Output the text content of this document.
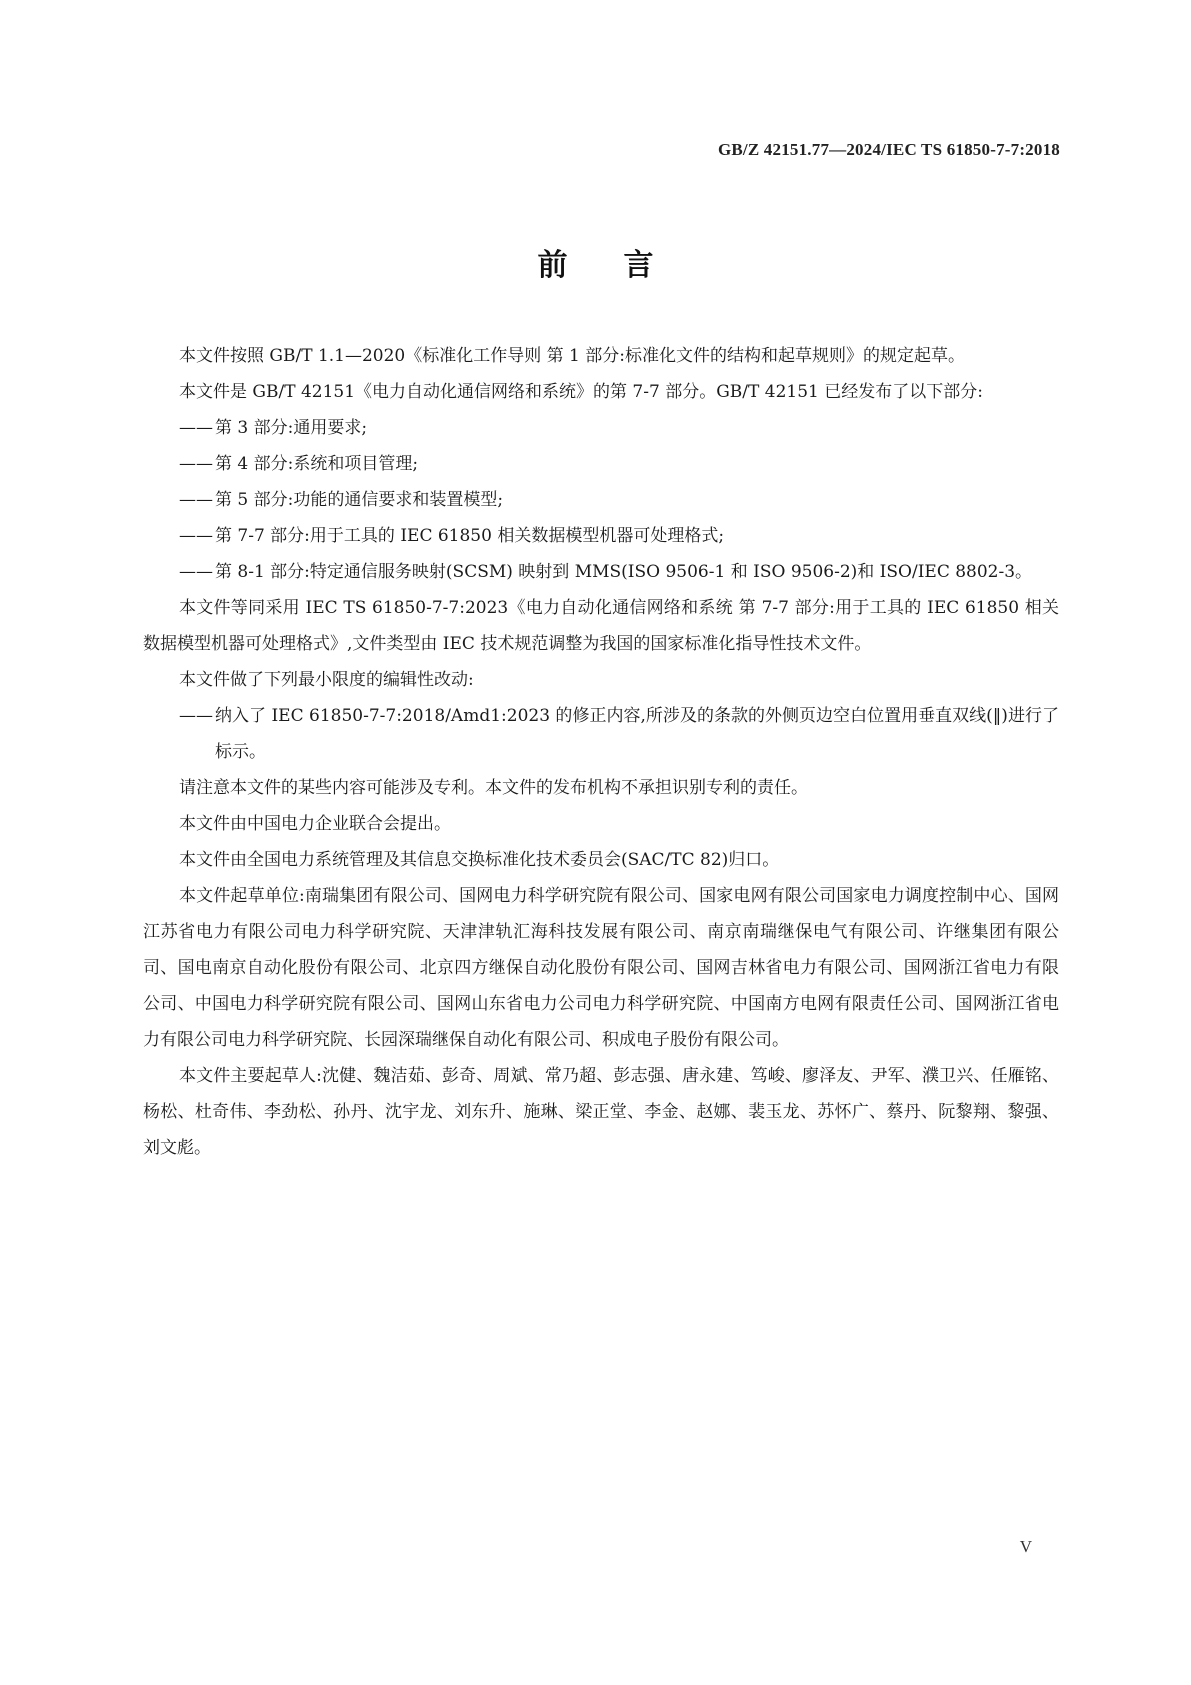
GB/Z 42151.77—2024/IEC TS 61850-7-7:2018
前言

本文件按照 GB/T 1.1—2020《标准化工作导则 第 1 部分:标准化文件的结构和起草规则》的规定起草。

本文件是 GB/T 42151《电力自动化通信网络和系统》的第 7-7 部分。GB/T 42151 已经发布了以下部分:

—— 第 3 部分:通用要求;

—— 第 4 部分:系统和项目管理;

—— 第 5 部分:功能的通信要求和装置模型;

—— 第 7-7 部分:用于工具的 IEC 61850 相关数据模型机器可处理格式;

—— 第 8-1 部分:特定通信服务映射(SCSM) 映射到 MMS(ISO 9506-1 和 ISO 9506-2)和 ISO/IEC 8802-3。

本文件等同采用 IEC TS 61850-7-7:2023《电力自动化通信网络和系统 第 7-7 部分:用于工具的 IEC 61850 相关数据模型机器可处理格式》,文件类型由 IEC 技术规范调整为我国的国家标准化指导性技术文件。

本文件做了下列最小限度的编辑性改动:

—— 纳入了 IEC 61850-7-7:2018/Amd1:2023 的修正内容,所涉及的条款的外侧页边空白位置用垂直双线(‖)进行了标示。

请注意本文件的某些内容可能涉及专利。本文件的发布机构不承担识别专利的责任。

本文件由中国电力企业联合会提出。

本文件由全国电力系统管理及其信息交换标准化技术委员会(SAC/TC 82)归口。

本文件起草单位:南瑞集团有限公司、国网电力科学研究院有限公司、国家电网有限公司国家电力调度控制中心、国网江苏省电力有限公司电力科学研究院、天津津轨汇海科技发展有限公司、南京南瑞继保电气有限公司、许继集团有限公司、国电南京自动化股份有限公司、北京四方继保自动化股份有限公司、国网吉林省电力有限公司、国网浙江省电力有限公司、中国电力科学研究院有限公司、国网山东省电力公司电力科学研究院、中国南方电网有限责任公司、国网浙江省电力有限公司电力科学研究院、长园深瑞继保自动化有限公司、积成电子股份有限公司。

本文件主要起草人:沈健、魏洁茹、彭奇、周斌、常乃超、彭志强、唐永建、笃峻、廖泽友、尹军、濮卫兴、任雁铭、杨松、杜奇伟、李劲松、孙丹、沈宇龙、刘东升、施琳、梁正堂、李金、赵娜、裴玉龙、苏怀广、蔡丹、阮黎翔、黎强、刘文彪。

V
